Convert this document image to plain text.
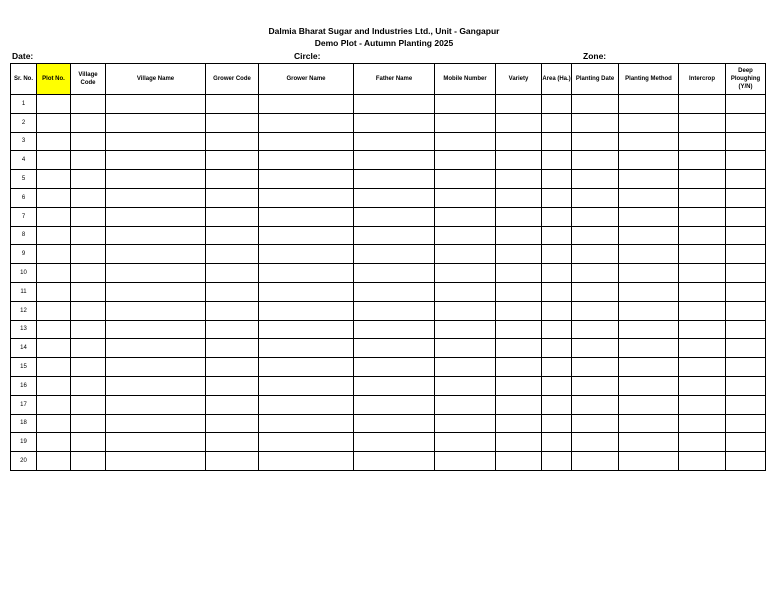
Dalmia Bharat Sugar and Industries Ltd., Unit - Gangapur
Demo Plot - Autumn Planting 2025
Date:	Circle:	Zone:
Sr. No.	Plot No.	Village Code	Village Name	Grower Code	Grower Name	Father Name	Mobile Number	Variety	Area (Ha.)	Planting Date	Planting Method	Intercrop	Deep Ploughing (Y/N)
1													
2													
3													
4													
5													
6													
7													
8													
9													
10													
11													
12													
13													
14													
15													
16													
17													
18													
19													
20													
